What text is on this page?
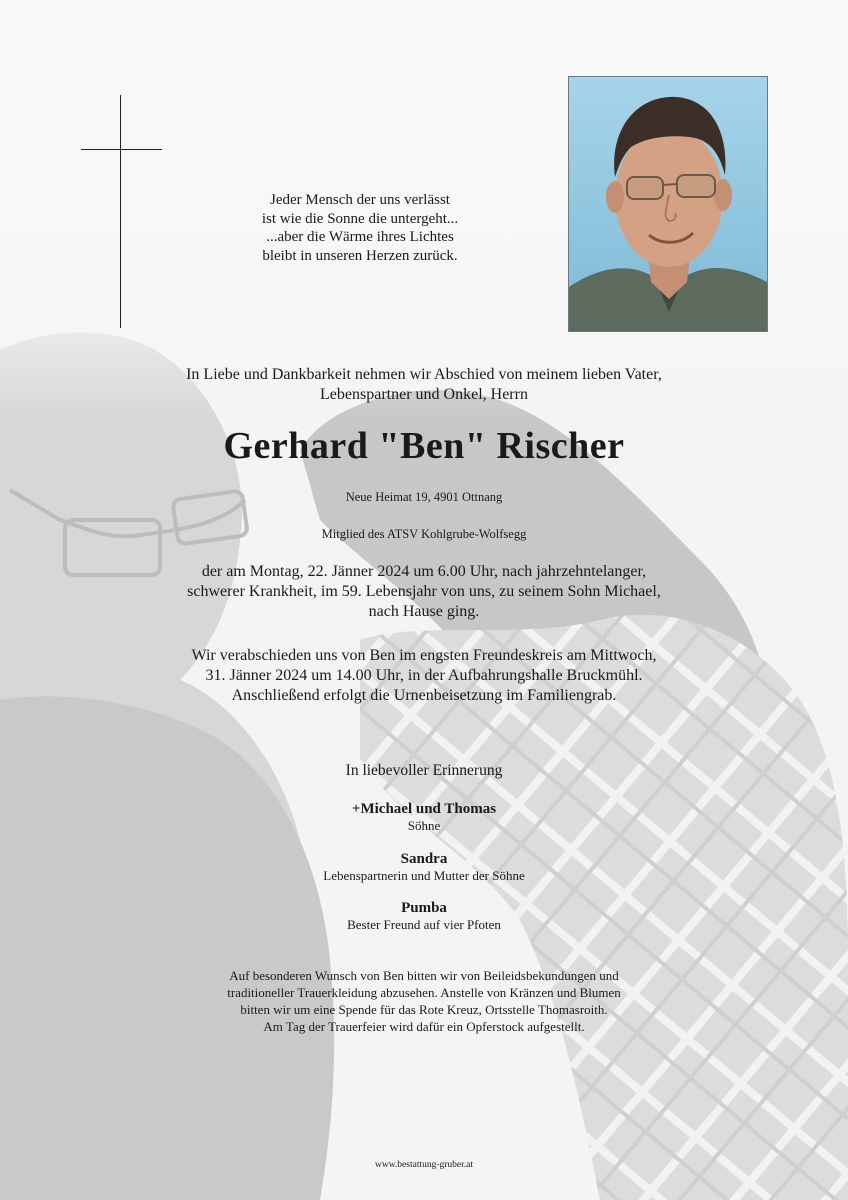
Jeder Mensch der uns verlässt
ist wie die Sonne die untergeht...
...aber die Wärme ihres Lichtes
bleibt in unseren Herzen zurück.
In Liebe und Dankbarkeit nehmen wir Abschied von meinem lieben Vater,
Lebenspartner und Onkel, Herrn
Gerhard "Ben" Rischer
Neue Heimat 19, 4901 Ottnang
Mitglied des ATSV Kohlgrube-Wolfsegg
der am Montag, 22. Jänner 2024 um 6.00 Uhr, nach jahrzehntelanger,
schwerer Krankheit, im 59. Lebensjahr von uns, zu seinem Sohn Michael,
nach Hause ging.
Wir verabschieden uns von Ben im engsten Freundeskreis am Mittwoch,
31. Jänner 2024 um 14.00 Uhr, in der Aufbahrungshalle Bruckmühl.
Anschließend erfolgt die Urnenbeisetzung im Familiengrab.
In liebevoller Erinnerung
+Michael und Thomas
Söhne
Sandra
Lebenspartnerin und Mutter der Söhne
Pumba
Bester Freund auf vier Pfoten
Auf besonderen Wunsch von Ben bitten wir von Beileidsbekundungen und
traditioneller Trauerkleidung abzusehen. Anstelle von Kränzen und Blumen
bitten wir um eine Spende für das Rote Kreuz, Ortsstelle Thomasroith.
Am Tag der Trauerfeier wird dafür ein Opferstock aufgestellt.
www.bestattung-gruber.at
